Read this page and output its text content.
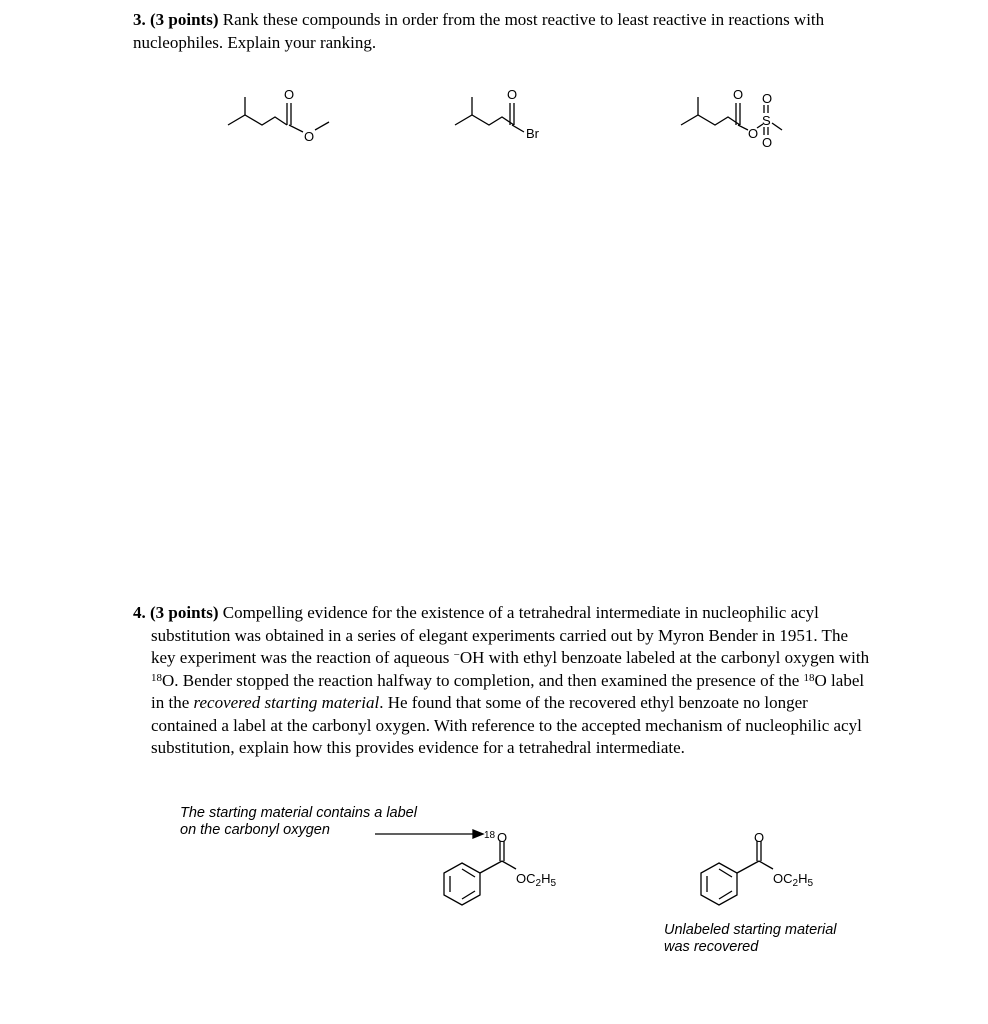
3. (3 points) Rank these compounds in order from the most reactive to least reactive in reactions with nucleophiles. Explain your ranking.
O
O
O
Br
O
O
S
O
O
4. (3 points) Compelling evidence for the existence of a tetrahedral intermediate in nucleophilic acyl substitution was obtained in a series of elegant experiments carried out by Myron Bender in 1951. The key experiment was the reaction of aqueous −OH with ethyl benzoate labeled at the carbonyl oxygen with $^{18}$O. Bender stopped the reaction halfway to completion, and then examined the presence of the $^{18}$O label in the recovered starting material. He found that some of the recovered ethyl benzoate no longer contained a label at the carbonyl oxygen. With reference to the accepted mechanism of nucleophilic acyl substitution, explain how this provides evidence for a tetrahedral intermediate.
The starting material contains a label
on the carbonyl oxygen	18 O
$OC_2H_5$
O
$OC_2H_5$
Unlabeled starting material
was recovered
